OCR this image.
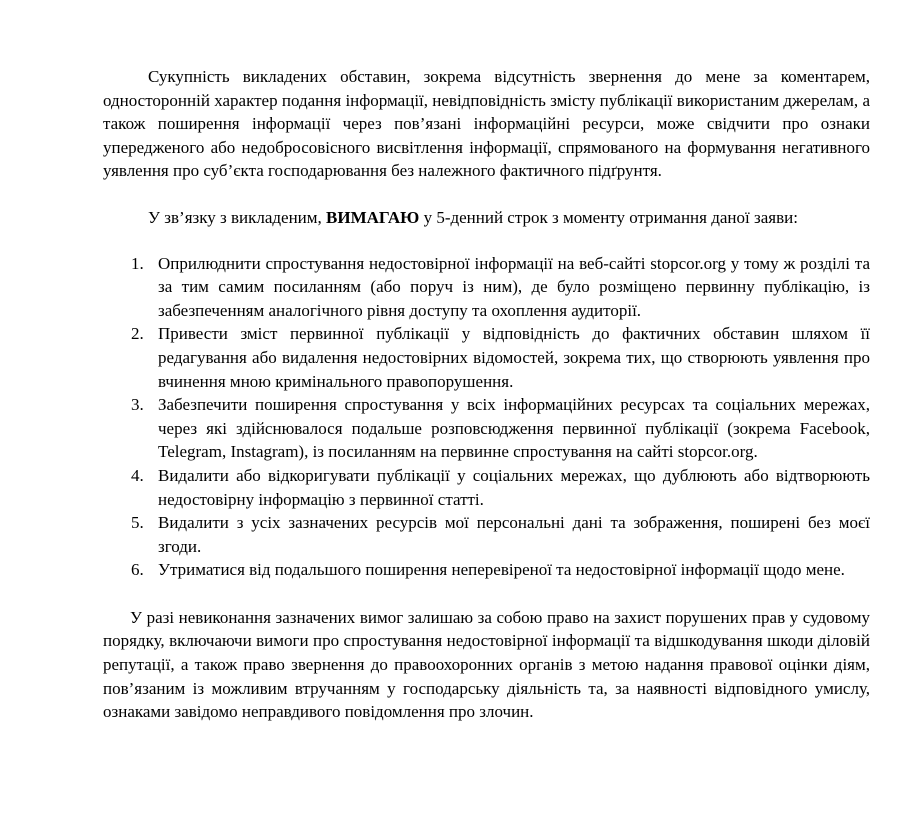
Сукупність викладених обставин, зокрема відсутність звернення до мене за коментарем, односторонній характер подання інформації, невідповідність змісту публікації використаним джерелам, а також поширення інформації через пов’язані інформаційні ресурси, може свідчити про ознаки упередженого або недобросовісного висвітлення інформації, спрямованого на формування негативного уявлення про суб’єкта господарювання без належного фактичного підґрунтя.

У зв’язку з викладеним, ВИМАГАЮ у 5-денний строк з моменту отримання даної заяви:

1. Оприлюднити спростування недостовірної інформації на веб-сайті stopcor.org у тому ж розділі та за тим самим посиланням (або поруч із ним), де було розміщено первинну публікацію, із забезпеченням аналогічного рівня доступу та охоплення аудиторії.
2. Привести зміст первинної публікації у відповідність до фактичних обставин шляхом її редагування або видалення недостовірних відомостей, зокрема тих, що створюють уявлення про вчинення мною кримінального правопорушення.
3. Забезпечити поширення спростування у всіх інформаційних ресурсах та соціальних мережах, через які здійснювалося подальше розповсюдження первинної публікації (зокрема Facebook, Telegram, Instagram), із посиланням на первинне спростування на сайті stopcor.org.
4. Видалити або відкоригувати публікації у соціальних мережах, що дублюють або відтворюють недостовірну інформацію з первинної статті.
5. Видалити з усіх зазначених ресурсів мої персональні дані та зображення, поширені без моєї згоди.
6. Утриматися від подальшого поширення неперевіреної та недостовірної інформації щодо мене.

У разі невиконання зазначених вимог залишаю за собою право на захист порушених прав у судовому порядку, включаючи вимоги про спростування недостовірної інформації та відшкодування шкоди діловій репутації, а також право звернення до правоохоронних органів з метою надання правової оцінки діям, пов’язаним із можливим втручанням у господарську діяльність та, за наявності відповідного умислу, ознаками завідомо неправдивого повідомлення про злочин.
